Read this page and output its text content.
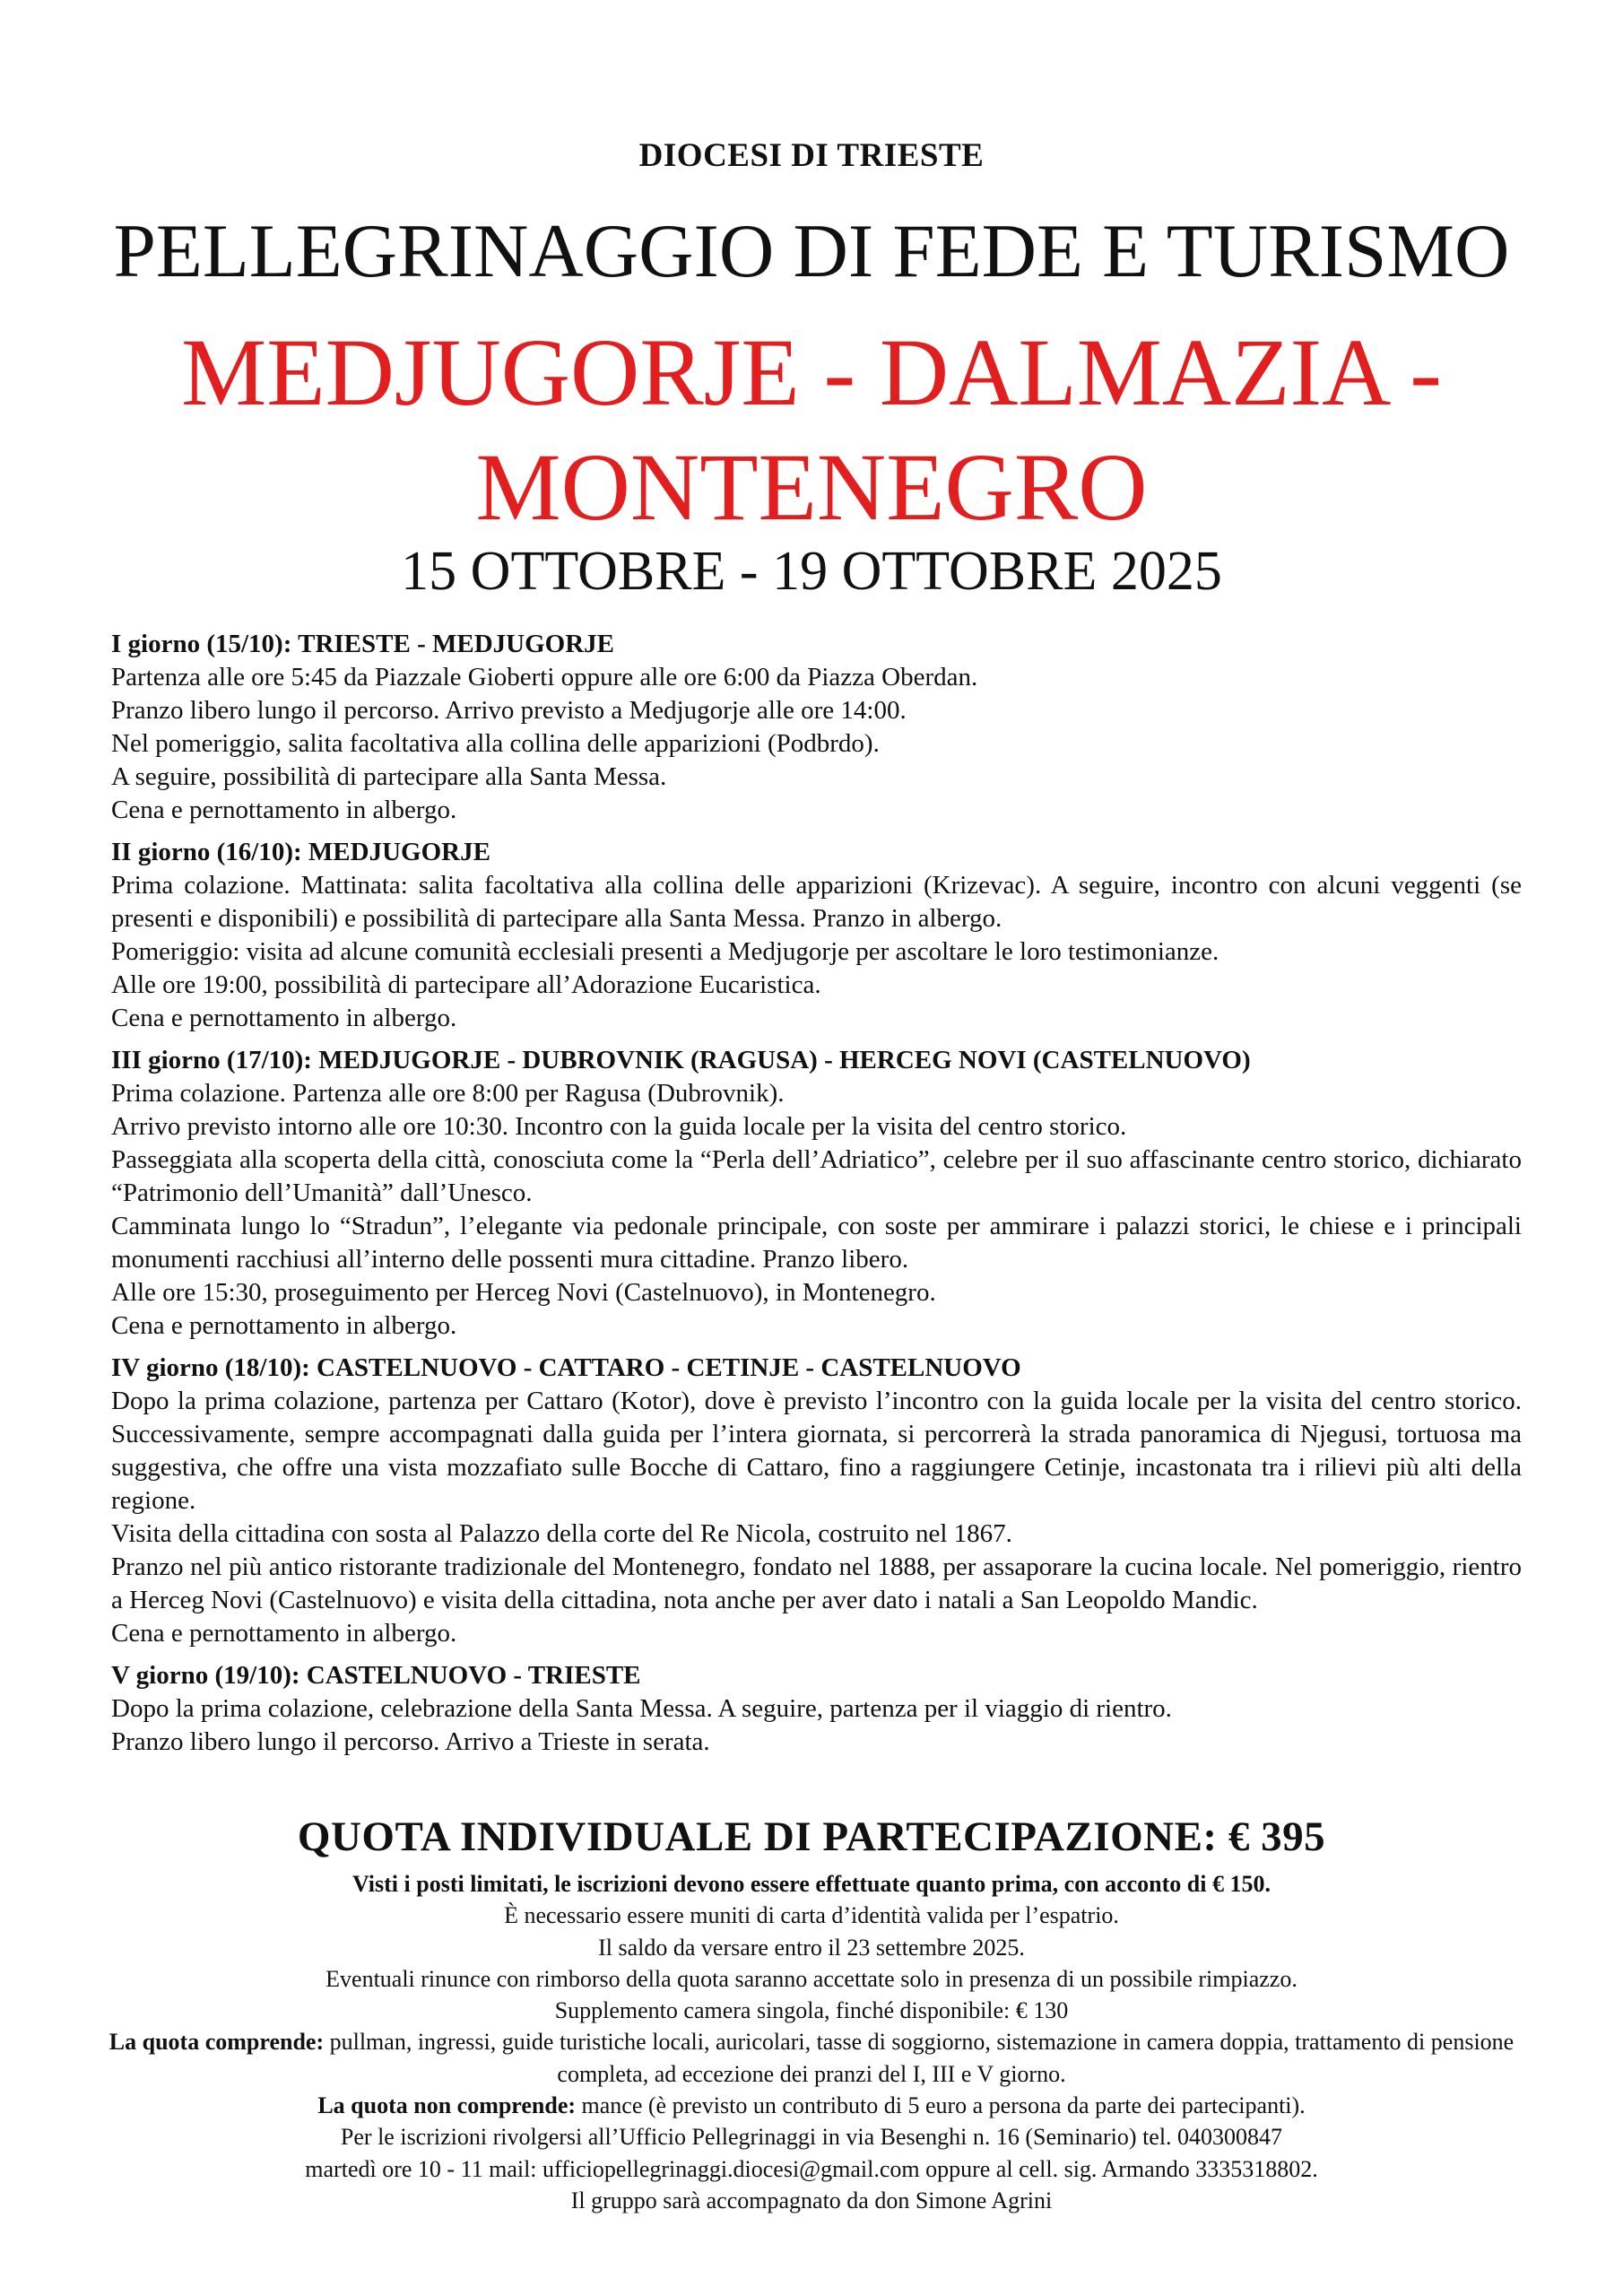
DIOCESI DI TRIESTE
PELLEGRINAGGIO DI FEDE E TURISMO
MEDJUGORJE - DALMAZIA -
MONTENEGRO
15 OTTOBRE - 19 OTTOBRE 2025
I giorno (15/10): TRIESTE - MEDJUGORJE
Partenza alle ore 5:45 da Piazzale Gioberti oppure alle ore 6:00 da Piazza Oberdan.
Pranzo libero lungo il percorso. Arrivo previsto a Medjugorje alle ore 14:00.
Nel pomeriggio, salita facoltativa alla collina delle apparizioni (Podbrdo).
A seguire, possibilità di partecipare alla Santa Messa.
Cena e pernottamento in albergo.
II giorno (16/10): MEDJUGORJE
Prima colazione. Mattinata: salita facoltativa alla collina delle apparizioni (Krizevac). A seguire, incontro con alcuni veggenti (se presenti e disponibili) e possibilità di partecipare alla Santa Messa. Pranzo in albergo.
Pomeriggio: visita ad alcune comunità ecclesiali presenti a Medjugorje per ascoltare le loro testimonianze.
Alle ore 19:00, possibilità di partecipare all’Adorazione Eucaristica.
Cena e pernottamento in albergo.
III giorno (17/10): MEDJUGORJE - DUBROVNIK (RAGUSA) - HERCEG NOVI (CASTELNUOVO)
Prima colazione. Partenza alle ore 8:00 per Ragusa (Dubrovnik).
Arrivo previsto intorno alle ore 10:30. Incontro con la guida locale per la visita del centro storico.
Passeggiata alla scoperta della città, conosciuta come la “Perla dell’Adriatico”, celebre per il suo affascinante centro storico, dichiarato “Patrimonio dell’Umanità” dall’Unesco.
Camminata lungo lo “Stradun”, l’elegante via pedonale principale, con soste per ammirare i palazzi storici, le chiese e i principali monumenti racchiusi all’interno delle possenti mura cittadine. Pranzo libero.
Alle ore 15:30, proseguimento per Herceg Novi (Castelnuovo), in Montenegro.
Cena e pernottamento in albergo.
IV giorno (18/10): CASTELNUOVO - CATTARO - CETINJE - CASTELNUOVO
Dopo la prima colazione, partenza per Cattaro (Kotor), dove è previsto l’incontro con la guida locale per la visita del centro storico. Successivamente, sempre accompagnati dalla guida per l’intera giornata, si percorrerà la strada panoramica di Njegusi, tortuosa ma suggestiva, che offre una vista mozzafiato sulle Bocche di Cattaro, fino a raggiungere Cetinje, incastonata tra i rilievi più alti della regione.
Visita della cittadina con sosta al Palazzo della corte del Re Nicola, costruito nel 1867.
Pranzo nel più antico ristorante tradizionale del Montenegro, fondato nel 1888, per assaporare la cucina locale. Nel pomeriggio, rientro a Herceg Novi (Castelnuovo) e visita della cittadina, nota anche per aver dato i natali a San Leopoldo Mandic.
Cena e pernottamento in albergo.
V giorno (19/10): CASTELNUOVO - TRIESTE
Dopo la prima colazione, celebrazione della Santa Messa. A seguire, partenza per il viaggio di rientro.
Pranzo libero lungo il percorso. Arrivo a Trieste in serata.
QUOTA INDIVIDUALE DI PARTECIPAZIONE: € 395
Visti i posti limitati, le iscrizioni devono essere effettuate quanto prima, con acconto di € 150.
È necessario essere muniti di carta d’identità valida per l’espatrio.
Il saldo da versare entro il 23 settembre 2025.
Eventuali rinunce con rimborso della quota saranno accettate solo in presenza di un possibile rimpiazzo.
Supplemento camera singola, finché disponibile: € 130
La quota comprende: pullman, ingressi, guide turistiche locali, auricolari, tasse di soggiorno, sistemazione in camera doppia, trattamento di pensione completa, ad eccezione dei pranzi del I, III e V giorno.
La quota non comprende: mance (è previsto un contributo di 5 euro a persona da parte dei partecipanti).
Per le iscrizioni rivolgersi all’Ufficio Pellegrinaggi in via Besenghi n. 16 (Seminario) tel. 040300847
martedì ore 10 - 11 mail: ufficiopellegrinaggi.diocesi@gmail.com oppure al cell. sig. Armando 3335318802.
Il gruppo sarà accompagnato da don Simone Agrini
